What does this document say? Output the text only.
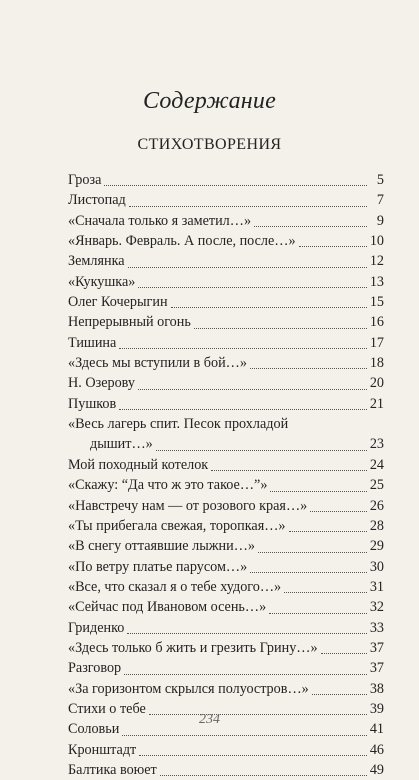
Содержание
СТИХОТВОРЕНИЯ
Гроза	5
Листопад	7
«Сначала только я заметил…»	9
«Январь. Февраль. А после, после…»	10
Землянка	12
«Кукушка»	13
Олег Кочерыгин	15
Непрерывный огонь	16
Тишина	17
«Здесь мы вступили в бой…»	18
Н. Озерову	20
Пушков	21
«Весь лагерь спит. Песок прохладой
дышит…»	23
Мой походный котелок	24
«Скажу: “Да что ж это такое…”»	25
«Навстречу нам — от розового края…»	26
«Ты прибегала свежая, торопкая…»	28
«В снегу оттаявшие лыжни…»	29
«По ветру платье парусом…»	30
«Все, что сказал я о тебе худого…»	31
«Сейчас под Ивановом осень…»	32
Гриденко	33
«Здесь только б жить и грезить Грину…»	37
Разговор	37
«За горизонтом скрылся полуостров…»	38
Стихи о тебе	39
Соловьи	41
Кронштадт	46
Балтика воюет	49
234
